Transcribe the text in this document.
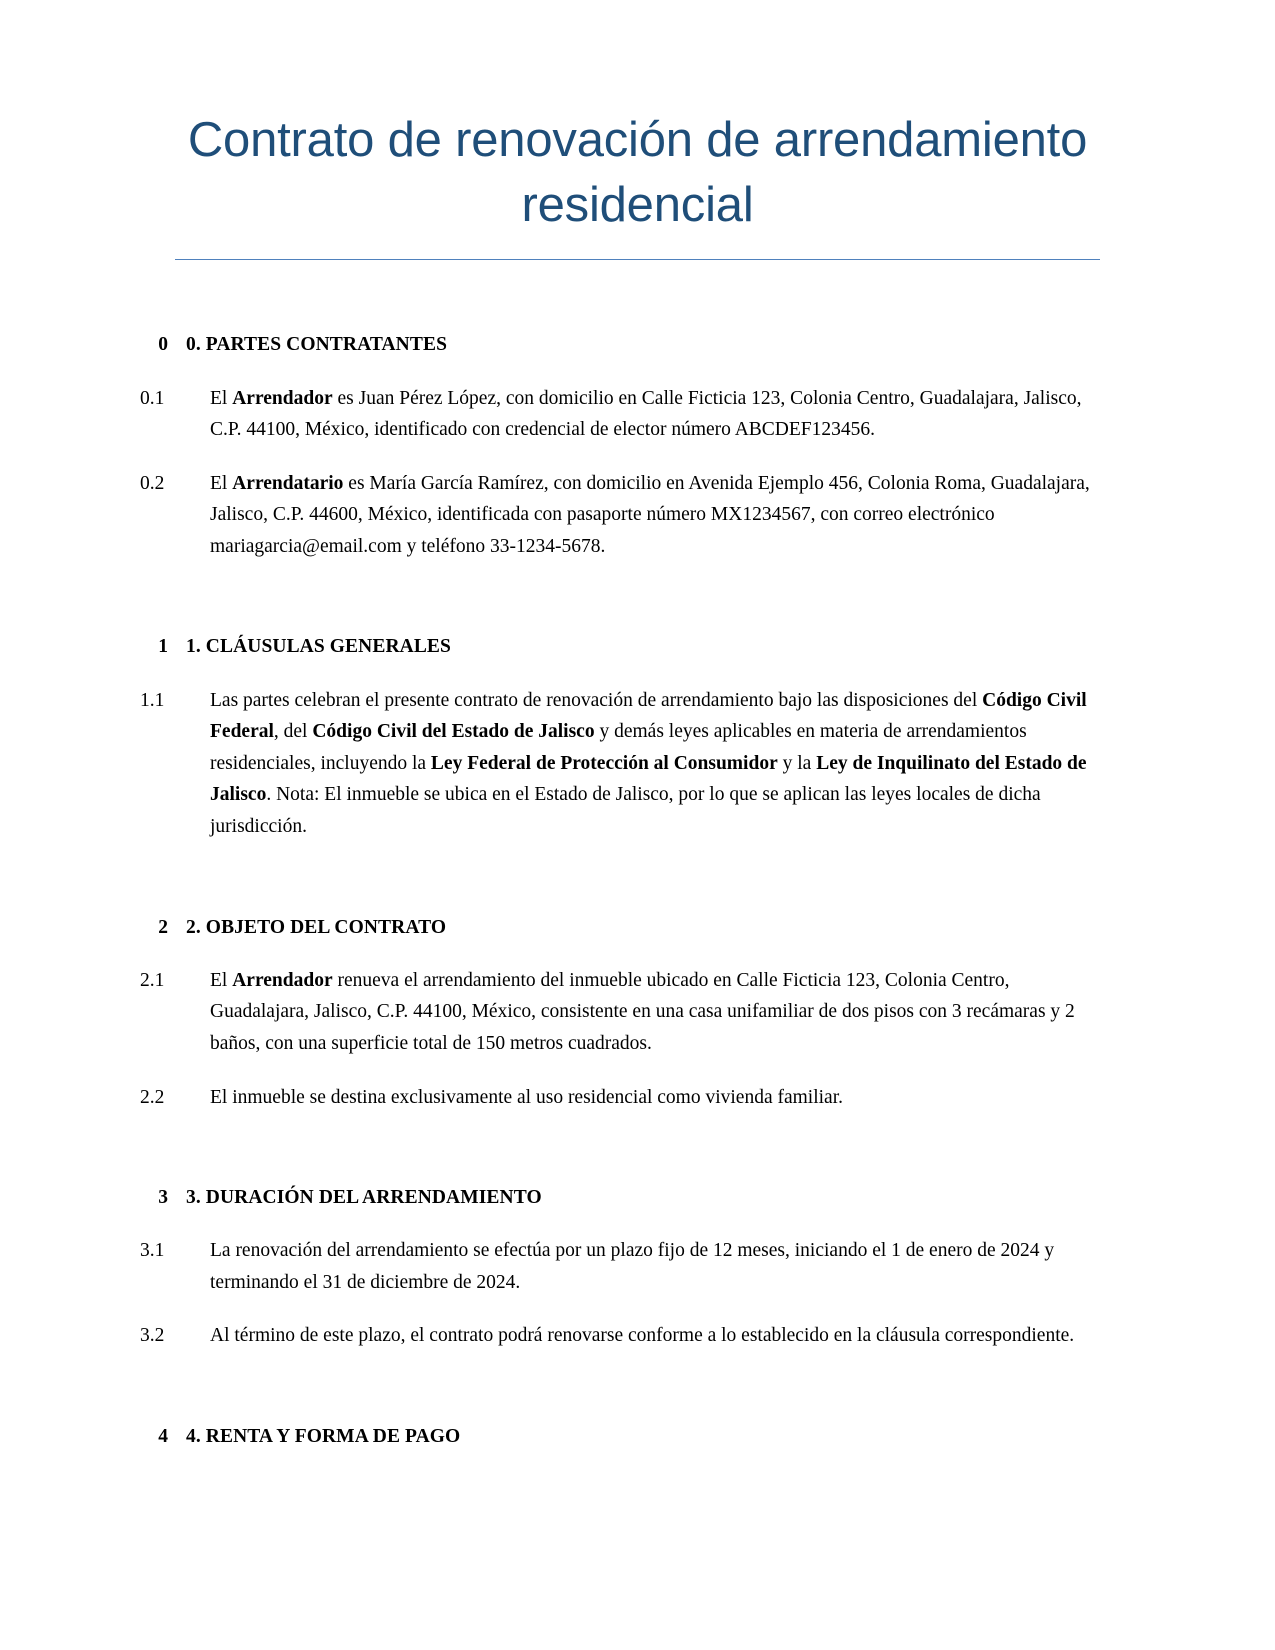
Contrato de renovación de arrendamiento residencial
0 0. PARTES CONTRATANTES
0.1	El Arrendador es Juan Pérez López, con domicilio en Calle Ficticia 123, Colonia Centro, Guadalajara, Jalisco, C.P. 44100, México, identificado con credencial de elector número ABCDEF123456.
0.2	El Arrendatario es María García Ramírez, con domicilio en Avenida Ejemplo 456, Colonia Roma, Guadalajara, Jalisco, C.P. 44600, México, identificada con pasaporte número MX1234567, con correo electrónico mariagarcia@email.com y teléfono 33-1234-5678.
1 1. CLÁUSULAS GENERALES
1.1	Las partes celebran el presente contrato de renovación de arrendamiento bajo las disposiciones del Código Civil Federal, del Código Civil del Estado de Jalisco y demás leyes aplicables en materia de arrendamientos residenciales, incluyendo la Ley Federal de Protección al Consumidor y la Ley de Inquilinato del Estado de Jalisco. Nota: El inmueble se ubica en el Estado de Jalisco, por lo que se aplican las leyes locales de dicha jurisdicción.
2 2. OBJETO DEL CONTRATO
2.1	El Arrendador renueva el arrendamiento del inmueble ubicado en Calle Ficticia 123, Colonia Centro, Guadalajara, Jalisco, C.P. 44100, México, consistente en una casa unifamiliar de dos pisos con 3 recámaras y 2 baños, con una superficie total de 150 metros cuadrados.
2.2	El inmueble se destina exclusivamente al uso residencial como vivienda familiar.
3 3. DURACIÓN DEL ARRENDAMIENTO
3.1	La renovación del arrendamiento se efectúa por un plazo fijo de 12 meses, iniciando el 1 de enero de 2024 y terminando el 31 de diciembre de 2024.
3.2	Al término de este plazo, el contrato podrá renovarse conforme a lo establecido en la cláusula correspondiente.
4 4. RENTA Y FORMA DE PAGO
